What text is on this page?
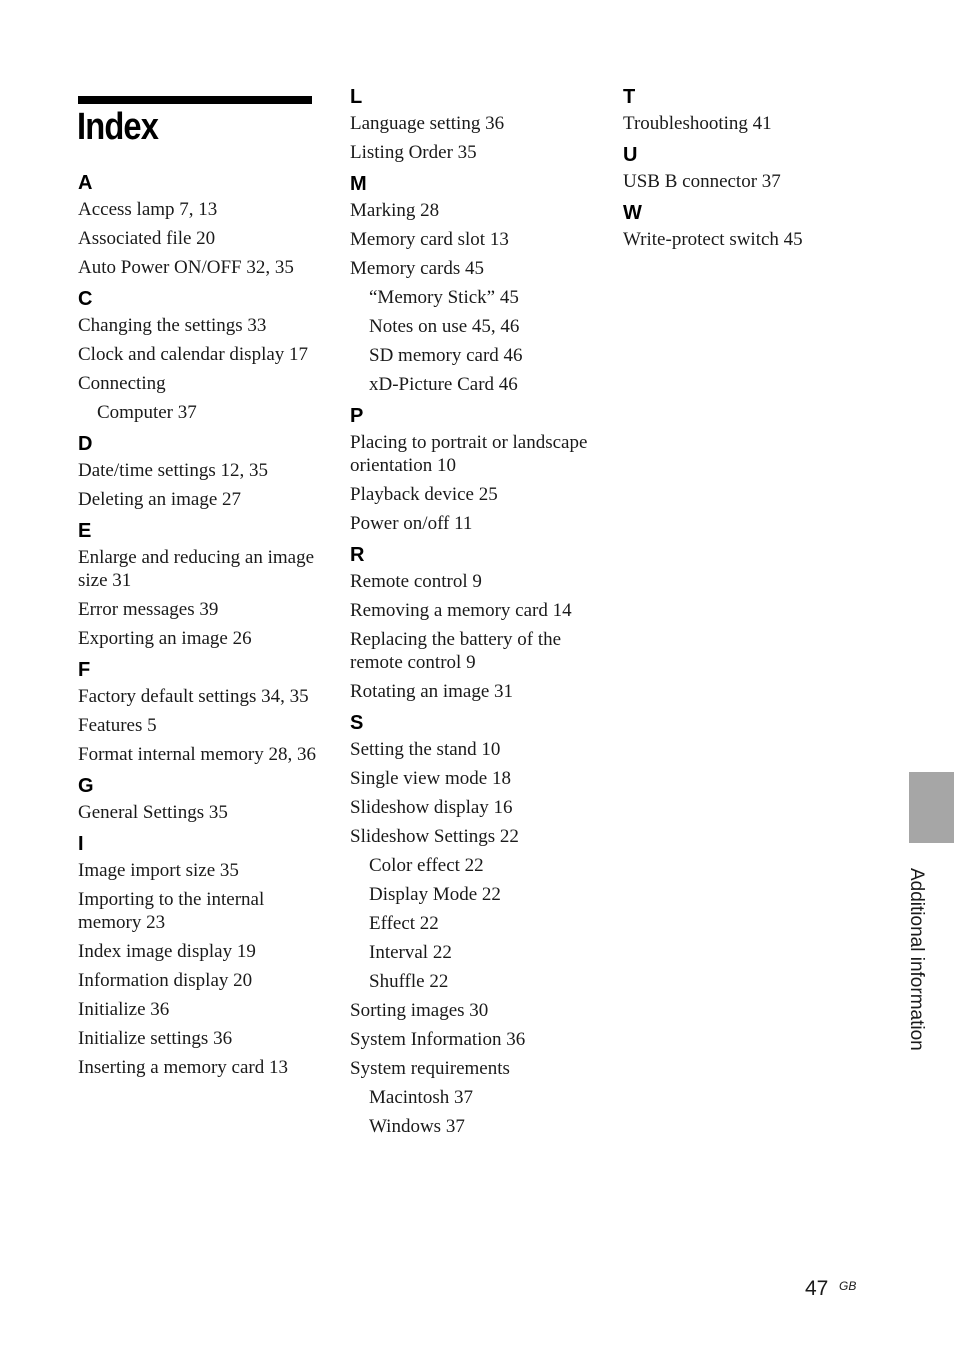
Index
A
Access lamp 7, 13
Associated file 20
Auto Power ON/OFF 32, 35
C
Changing the settings 33
Clock and calendar display 17
Connecting
Computer 37
D
Date/time settings 12, 35
Deleting an image 27
E
Enlarge and reducing an image size 31
Error messages 39
Exporting an image 26
F
Factory default settings 34, 35
Features 5
Format internal memory 28, 36
G
General Settings 35
I
Image import size 35
Importing to the internal memory 23
Index image display 19
Information display 20
Initialize 36
Initialize settings 36
Inserting a memory card 13
L
Language setting 36
Listing Order 35
M
Marking 28
Memory card slot 13
Memory cards 45
“Memory Stick” 45
Notes on use 45, 46
SD memory card 46
xD-Picture Card 46
P
Placing to portrait or landscape orientation 10
Playback device 25
Power on/off 11
R
Remote control 9
Removing a memory card 14
Replacing the battery of the remote control 9
Rotating an image 31
S
Setting the stand 10
Single view mode 18
Slideshow display 16
Slideshow Settings 22
Color effect 22
Display Mode 22
Effect 22
Interval 22
Shuffle 22
Sorting images 30
System Information 36
System requirements
Macintosh 37
Windows 37
T
Troubleshooting 41
U
USB B connector 37
W
Write-protect switch 45
Additional information
47 GB
